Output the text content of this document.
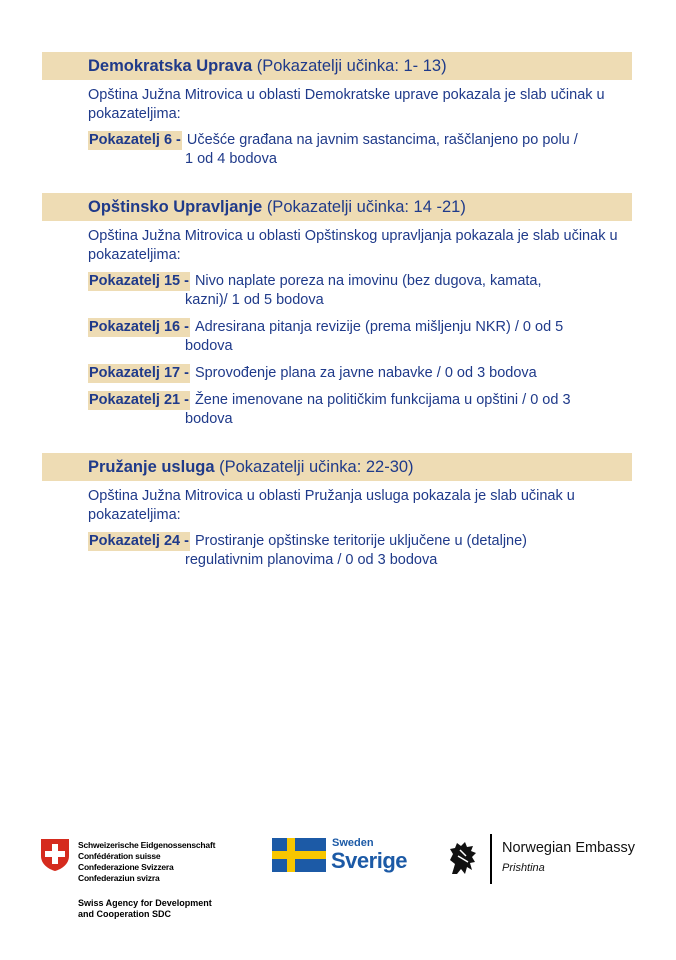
Demokratska Uprava
(Pokazatelji učinka: 1- 13)
Opština Južna Mitrovica u oblasti Demokratske uprave pokazala je slab učinak u pokazateljima:
Pokazatelj 6 - Učešće građana na javnim sastancima, raščlanjeno po polu /
1 od 4 bodova
Opštinsko Upravljanje
(Pokazatelji učinka: 14 -21)
Opština Južna Mitrovica u oblasti Opštinskog upravljanja pokazala je slab učinak u pokazateljima:
Pokazatelj 15 - Nivo naplate poreza na imovinu (bez dugova, kamata,
kazni)/ 1 od 5 bodova
Pokazatelj 16 - Adresirana pitanja revizije (prema mišljenju NKR) / 0 od 5
bodova
Pokazatelj 17 - Sprovođenje plana za javne nabavke / 0 od 3 bodova
Pokazatelj 21 - Žene imenovane na političkim funkcijama u opštini / 0 od 3
bodova
Pružanje usluga
(Pokazatelji učinka: 22-30)
Opština Južna Mitrovica u oblasti Pružanja usluga pokazala je slab učinak u pokazateljima:
Pokazatelj 24 - Prostiranje opštinske teritorije uključene u (detaljne)
regulativnim planovima / 0 od 3 bodova
Schweizerische Eidgenossenschaft
Confédération suisse
Confederazione Svizzera
Confederaziun svizra
Swiss Agency for Development
and Cooperation SDC
Sweden
Sverige	Norwegian Embassy
Prishtina
